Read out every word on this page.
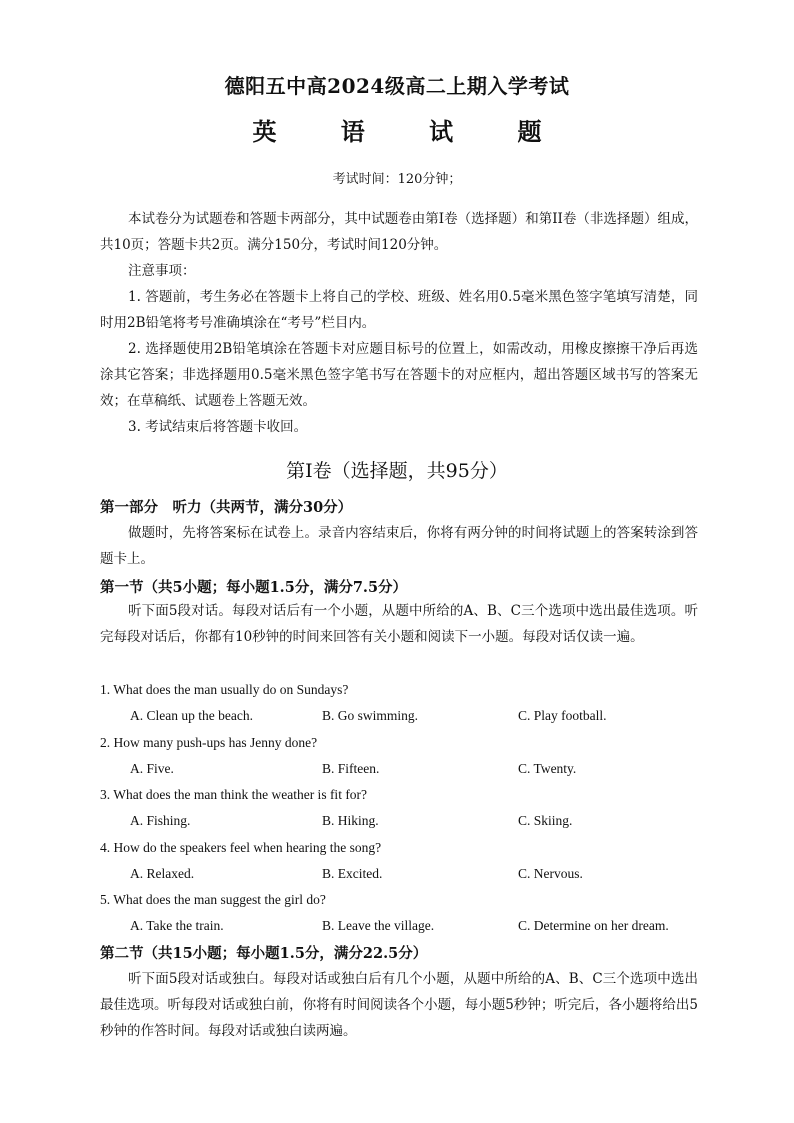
德阳五中高2024级高二上期入学考试
英 语 试 题
考试时间：120分钟；
本试卷分为试题卷和答题卡两部分，其中试题卷由第I卷（选择题）和第II卷（非选择题）组成，共10页；答题卡共2页。满分150分，考试时间120分钟。
注意事项：
1. 答题前，考生务必在答题卡上将自己的学校、班级、姓名用0.5毫米黑色签字笔填写清楚，同时用2B铅笔将考号准确填涂在“考号”栏目内。
2. 选择题使用2B铅笔填涂在答题卡对应题目标号的位置上，如需改动，用橡皮擦擦干净后再选涂其它答案；非选择题用0.5毫米黑色签字笔书写在答题卡的对应框内，超出答题区域书写的答案无效；在草稿纸、试题卷上答题无效。
3. 考试结束后将答题卡收回。
第I卷（选择题，共95分）
第一部分　听力（共两节，满分30分）
做题时，先将答案标在试卷上。录音内容结束后，你将有两分钟的时间将试题上的答案转涂到答题卡上。
第一节（共5小题；每小题1.5分，满分7.5分）
听下面5段对话。每段对话后有一个小题，从题中所给的A、B、C三个选项中选出最佳选项。听完每段对话后，你都有10秒钟的时间来回答有关小题和阅读下一小题。每段对话仅读一遍。
1. What does the man usually do on Sundays?
A. Clean up the beach.	B. Go swimming.	C. Play football.
2. How many push-ups has Jenny done?
A. Five.	B. Fifteen.	C. Twenty.
3. What does the man think the weather is fit for?
A. Fishing.	B. Hiking.	C. Skiing.
4. How do the speakers feel when hearing the song?
A. Relaxed.	B. Excited.	C. Nervous.
5. What does the man suggest the girl do?
A. Take the train.	B. Leave the village.	C. Determine on her dream.
第二节（共15小题；每小题1.5分，满分22.5分）
听下面5段对话或独白。每段对话或独白后有几个小题，从题中所给的A、B、C三个选项中选出最佳选项。听每段对话或独白前，你将有时间阅读各个小题，每小题5秒钟；听完后，各小题将给出5秒钟的作答时间。每段对话或独白读两遍。
